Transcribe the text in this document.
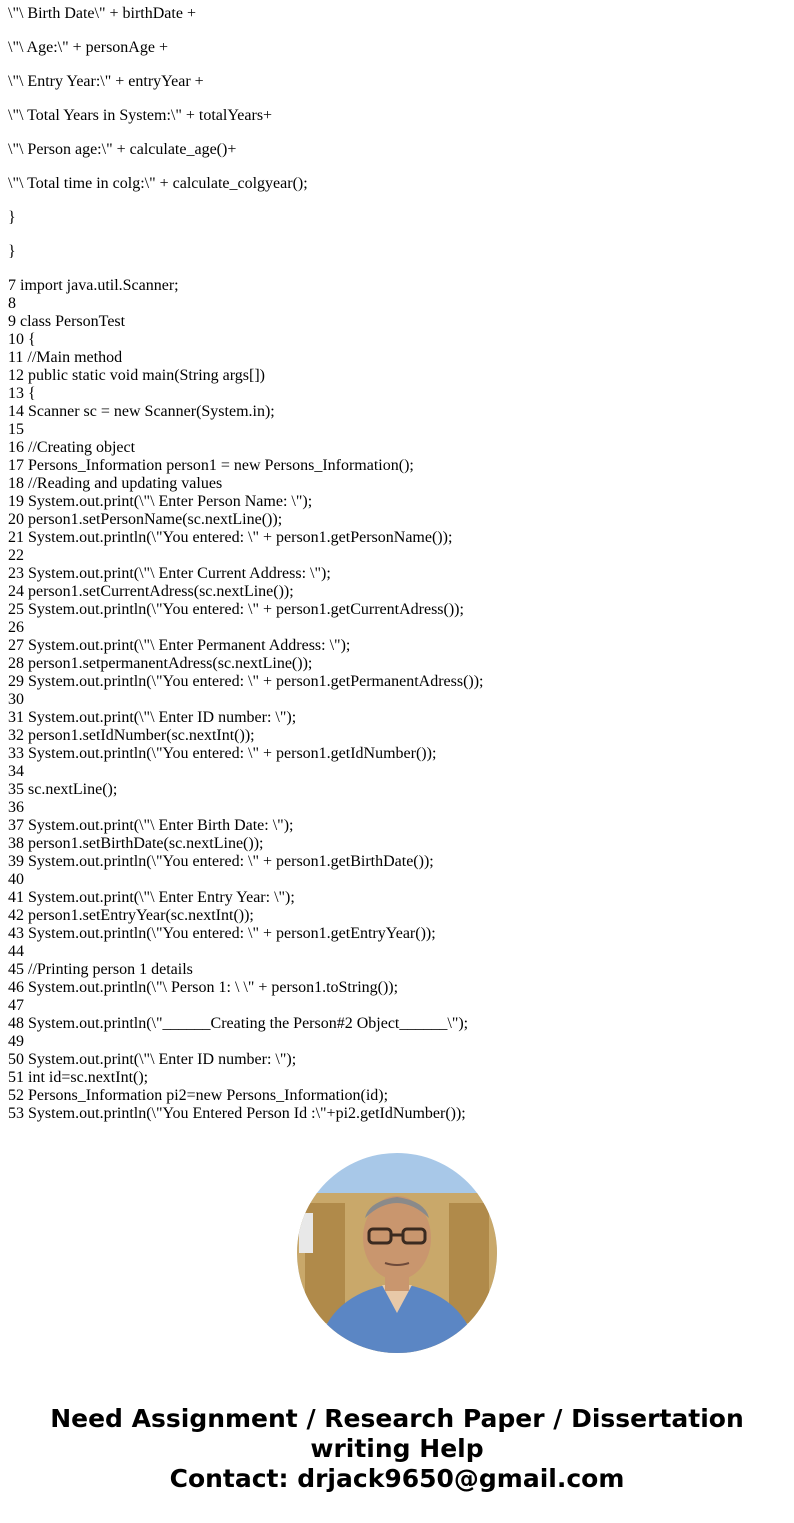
\"\ Birth Date\" + birthDate +

\"\ Age:\" + personAge +

\"\ Entry Year:\" + entryYear +

\"\ Total Years in System:\" + totalYears+

\"\ Person age:\" + calculate_age()+

\"\ Total time in colg:\" + calculate_colgyear();

}

}

7 import java.util.Scanner;
8
9 class PersonTest
10 {
11 //Main method
12 public static void main(String args[])
13 {
14 Scanner sc = new Scanner(System.in);
15
16 //Creating object
17 Persons_Information person1 = new Persons_Information();
18 //Reading and updating values
19 System.out.print(\"\ Enter Person Name: \");
20 person1.setPersonName(sc.nextLine());
21 System.out.println(\"You entered: \" + person1.getPersonName());
22
23 System.out.print(\"\ Enter Current Address: \");
24 person1.setCurrentAdress(sc.nextLine());
25 System.out.println(\"You entered: \" + person1.getCurrentAdress());
26
27 System.out.print(\"\ Enter Permanent Address: \");
28 person1.setpermanentAdress(sc.nextLine());
29 System.out.println(\"You entered: \" + person1.getPermanentAdress());
30
31 System.out.print(\"\ Enter ID number: \");
32 person1.setIdNumber(sc.nextInt());
33 System.out.println(\"You entered: \" + person1.getIdNumber());
34
35 sc.nextLine();
36
37 System.out.print(\"\ Enter Birth Date: \");
38 person1.setBirthDate(sc.nextLine());
39 System.out.println(\"You entered: \" + person1.getBirthDate());
40
41 System.out.print(\"\ Enter Entry Year: \");
42 person1.setEntryYear(sc.nextInt());
43 System.out.println(\"You entered: \" + person1.getEntryYear());
44
45 //Printing person 1 details
46 System.out.println(\"\ Person 1: \ \" + person1.toString());
47
48 System.out.println(\"______Creating the Person#2 Object______\");
49
50 System.out.print(\"\ Enter ID number: \");
51 int id=sc.nextInt();
52 Persons_Information pi2=new Persons_Information(id);
53 System.out.println(\"You Entered Person Id :\"+pi2.getIdNumber());
Need Assignment / Research Paper / Dissertation
writing Help
Contact: drjack9650@gmail.com
